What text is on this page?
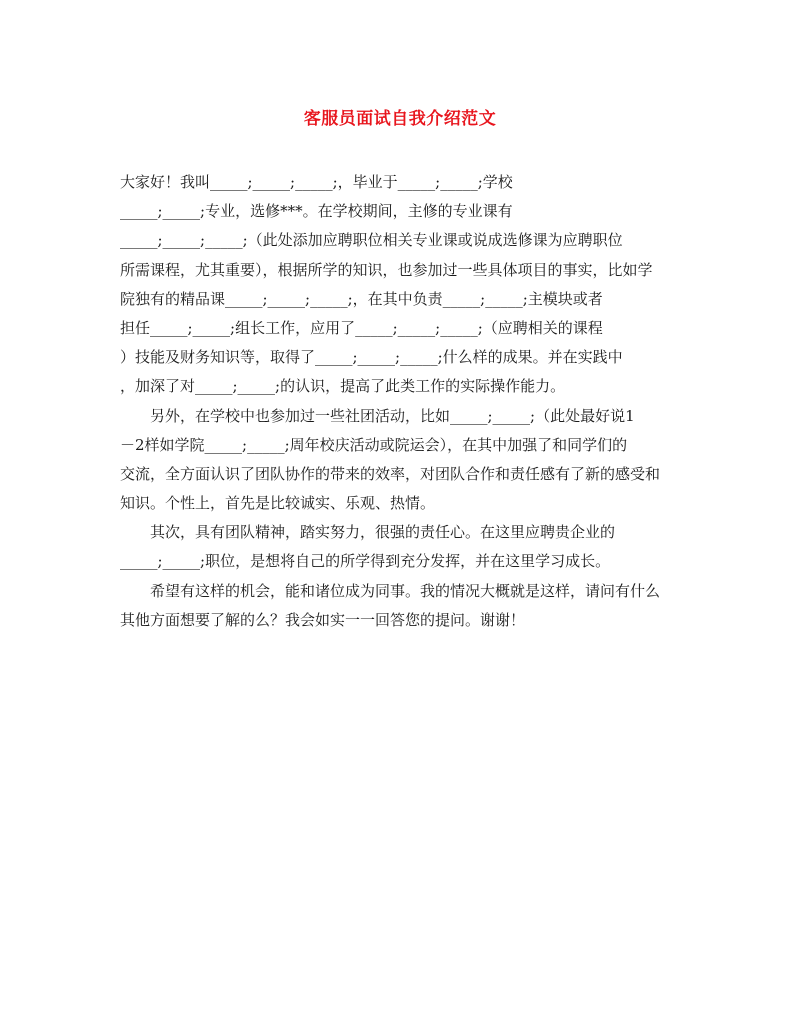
客服员面试自我介绍范文
大家好！我叫_____;_____;_____;，毕业于_____;_____;学校
_____;_____;专业，选修***。在学校期间，主修的专业课有
_____;_____;_____;（此处添加应聘职位相关专业课或说成选修课为应聘职位
所需课程，尤其重要），根据所学的知识，也参加过一些具体项目的事实，比如学
院独有的精品课_____;_____;_____;，在其中负责_____;_____;主模块或者
担任_____;_____;组长工作，应用了_____;_____;_____;（应聘相关的课程
）技能及财务知识等，取得了_____;_____;_____;什么样的成果。并在实践中
，加深了对_____;_____;的认识，提高了此类工作的实际操作能力。
另外，在学校中也参加过一些社团活动，比如_____;_____;（此处最好说1
－2样如学院_____;_____;周年校庆活动或院运会），在其中加强了和同学们的
交流，全方面认识了团队协作的带来的效率，对团队合作和责任感有了新的感受和
知识。个性上，首先是比较诚实、乐观、热情。
其次，具有团队精神，踏实努力，很强的责任心。在这里应聘贵企业的
_____;_____;职位，是想将自己的所学得到充分发挥，并在这里学习成长。
希望有这样的机会，能和诸位成为同事。我的情况大概就是这样，请问有什么
其他方面想要了解的么？我会如实一一回答您的提问。谢谢！
